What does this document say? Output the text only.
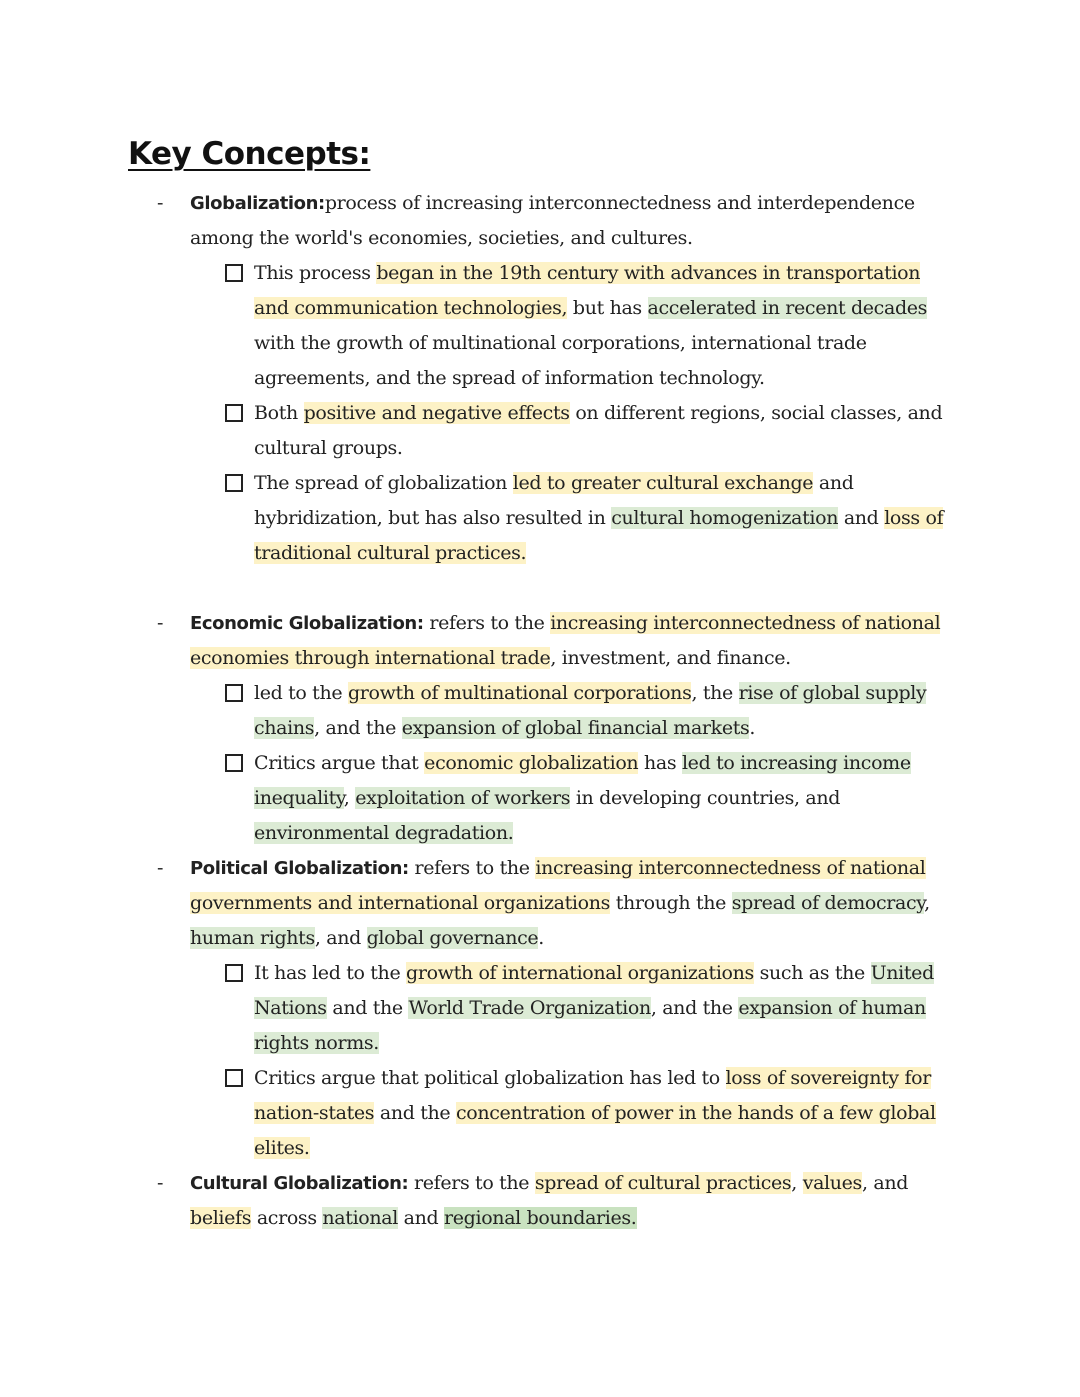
Key Concepts:
- Globalization:process of increasing interconnectedness and interdependence
among the world's economies, societies, and cultures.
This process began in the 19th century with advances in transportation
and communication technologies, but has accelerated in recent decades
with the growth of multinational corporations, international trade
agreements, and the spread of information technology.
Both positive and negative effects on different regions, social classes, and
cultural groups.
The spread of globalization led to greater cultural exchange and
hybridization, but has also resulted in cultural homogenization and loss of
traditional cultural practices.
- Economic Globalization: refers to the increasing interconnectedness of national
economies through international trade, investment, and finance.
led to the growth of multinational corporations, the rise of global supply
chains, and the expansion of global financial markets.
Critics argue that economic globalization has led to increasing income
inequality, exploitation of workers in developing countries, and
environmental degradation.
- Political Globalization: refers to the increasing interconnectedness of national
governments and international organizations through the spread of democracy,
human rights, and global governance.
It has led to the growth of international organizations such as the United
Nations and the World Trade Organization, and the expansion of human
rights norms.
Critics argue that political globalization has led to loss of sovereignty for
nation-states and the concentration of power in the hands of a few global
elites.
- Cultural Globalization: refers to the spread of cultural practices, values, and
beliefs across national and regional boundaries.
